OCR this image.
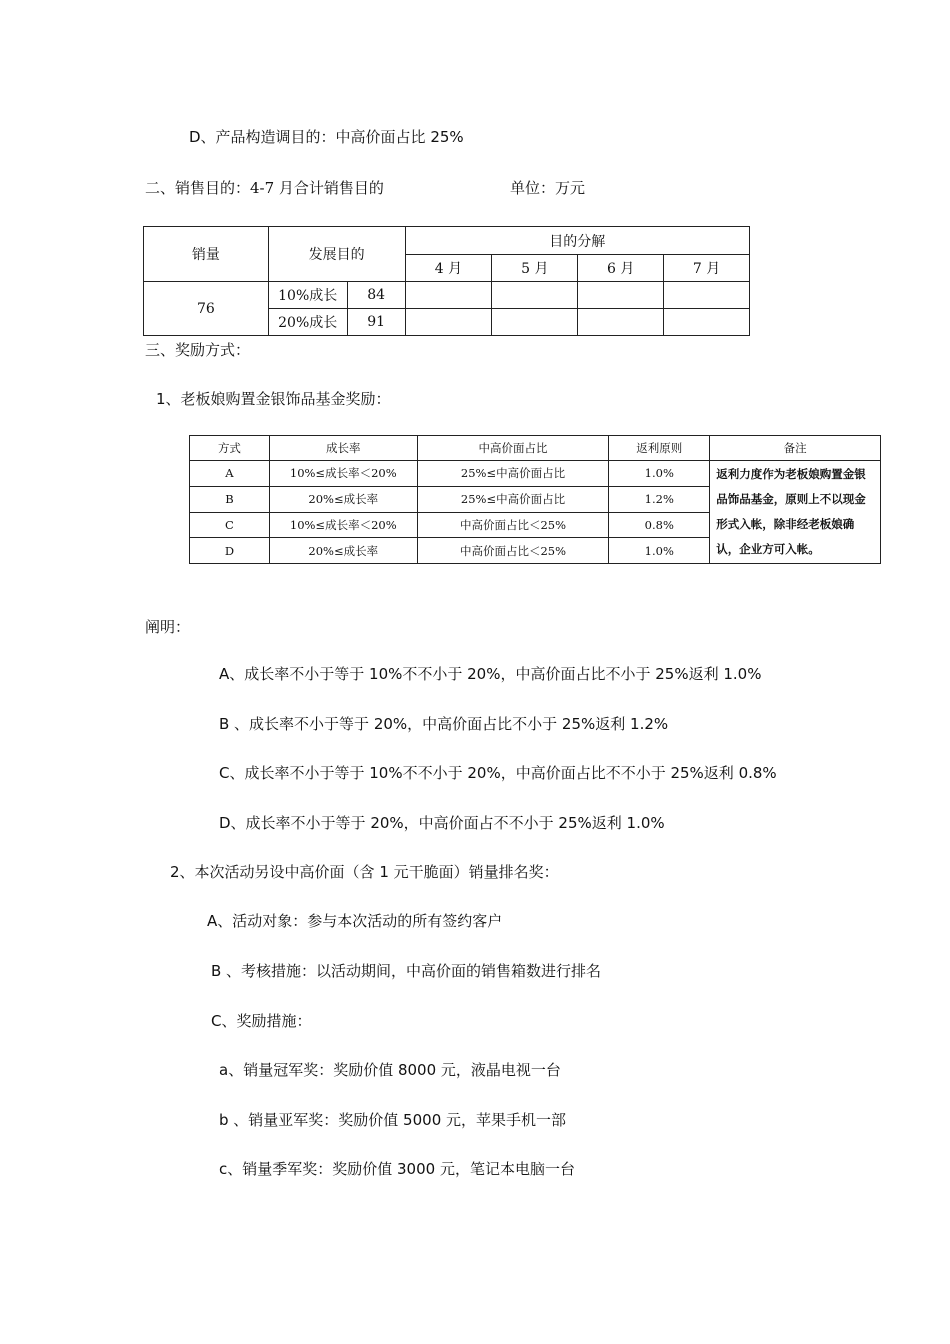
D、产品构造调目的：中高价面占比 25%
二、销售目的：4-7 月合计销售目的	单位：万元
销量	发展目的		目的分解			
			4 月	5 月	6 月	7 月
76	10%成长	84				
	20%成长	91				
三、奖励方式：
1、老板娘购置金银饰品基金奖励：
方式	成长率	中高价面占比	返利原则	备注
A	10%≤成长率＜20%	25%≤中高价面占比	1.0%	返利力度作为老板娘购置金银品饰品基金，原则上不以现金形式入帐，除非经老板娘确认，企业方可入帐。
B	20%≤成长率	25%≤中高价面占比	1.2%	
C	10%≤成长率＜20%	中高价面占比＜25%	0.8%	
D	20%≤成长率	中高价面占比＜25%	1.0%	
阐明：
A、成长率不小于等于 10%不不小于 20%，中高价面占比不小于 25%返利 1.0%
B 、成长率不小于等于 20%，中高价面占比不小于 25%返利 1.2%
C、成长率不小于等于 10%不不小于 20%，中高价面占比不不小于 25%返利 0.8%
D、成长率不小于等于 20%，中高价面占不不小于 25%返利 1.0%
2、本次活动另设中高价面（含 1 元干脆面）销量排名奖：
A、活动对象：参与本次活动的所有签约客户
B 、考核措施：以活动期间，中高价面的销售箱数进行排名
C、奖励措施：
a、销量冠军奖：奖励价值 8000 元，液晶电视一台
b 、销量亚军奖：奖励价值 5000 元，苹果手机一部
c、销量季军奖：奖励价值 3000 元，笔记本电脑一台
